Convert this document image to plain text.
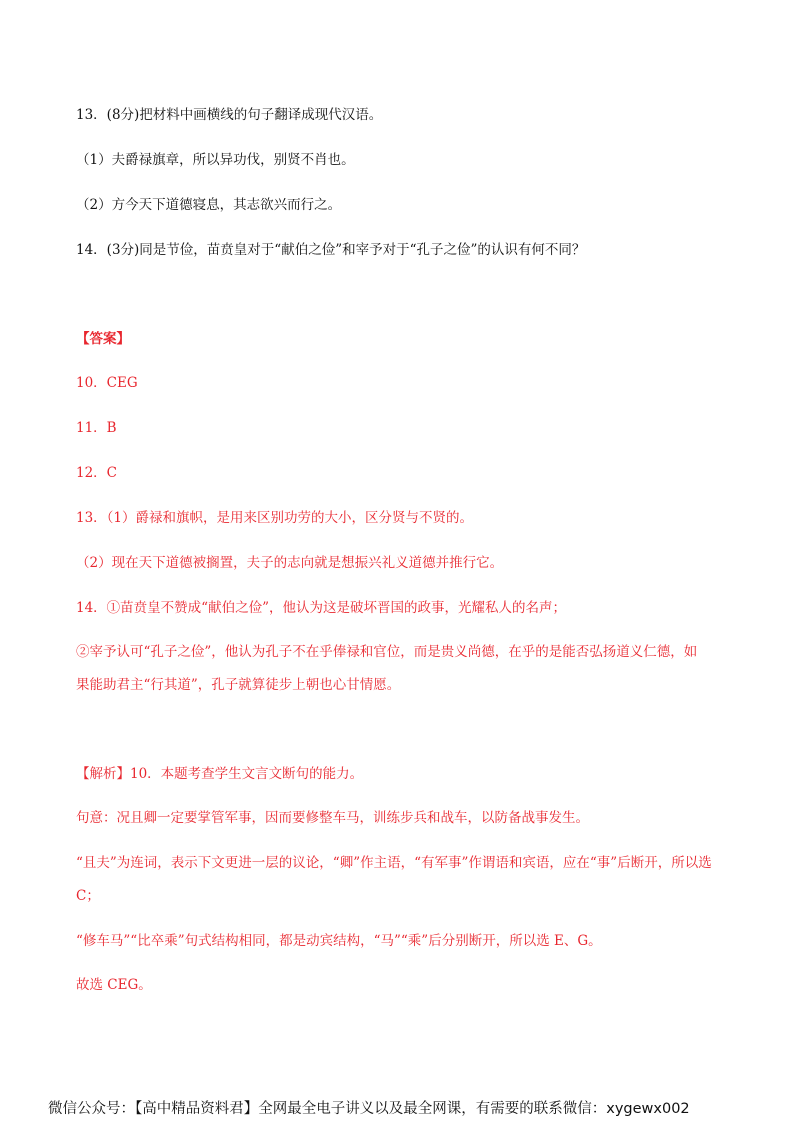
13．(8分)把材料中画横线的句子翻译成现代汉语。
（1）夫爵禄旗章，所以异功伐，别贤不肖也。
（2）方今天下道德寝息，其志欲兴而行之。
14．(3分)同是节俭，苗贲皇对于“献伯之俭”和宰予对于“孔子之俭”的认识有何不同？
【答案】
10．CEG
11．B
12．C
13．（1）爵禄和旗帜，是用来区别功劳的大小，区分贤与不贤的。
（2）现在天下道德被搁置，夫子的志向就是想振兴礼义道德并推行它。
14．①苗贲皇不赞成“献伯之俭”，他认为这是破坏晋国的政事，光耀私人的名声；
②宰予认可“孔子之俭”，他认为孔子不在乎俸禄和官位，而是贵义尚德，在乎的是能否弘扬道义仁德，如
果能助君主“行其道”，孔子就算徒步上朝也心甘情愿。
【解析】10．本题考查学生文言文断句的能力。
句意：况且卿一定要掌管军事，因而要修整车马，训练步兵和战车，以防备战事发生。
“且夫”为连词，表示下文更进一层的议论，“卿”作主语，“有军事”作谓语和宾语，应在“事”后断开，所以选
C；
“修车马”“比卒乘”句式结构相同，都是动宾结构，“马”“乘”后分别断开，所以选 E、G。
故选 CEG。
微信公众号：【高中精品资料君】全网最全电子讲义以及最全网课，有需要的联系微信：xygewx002
